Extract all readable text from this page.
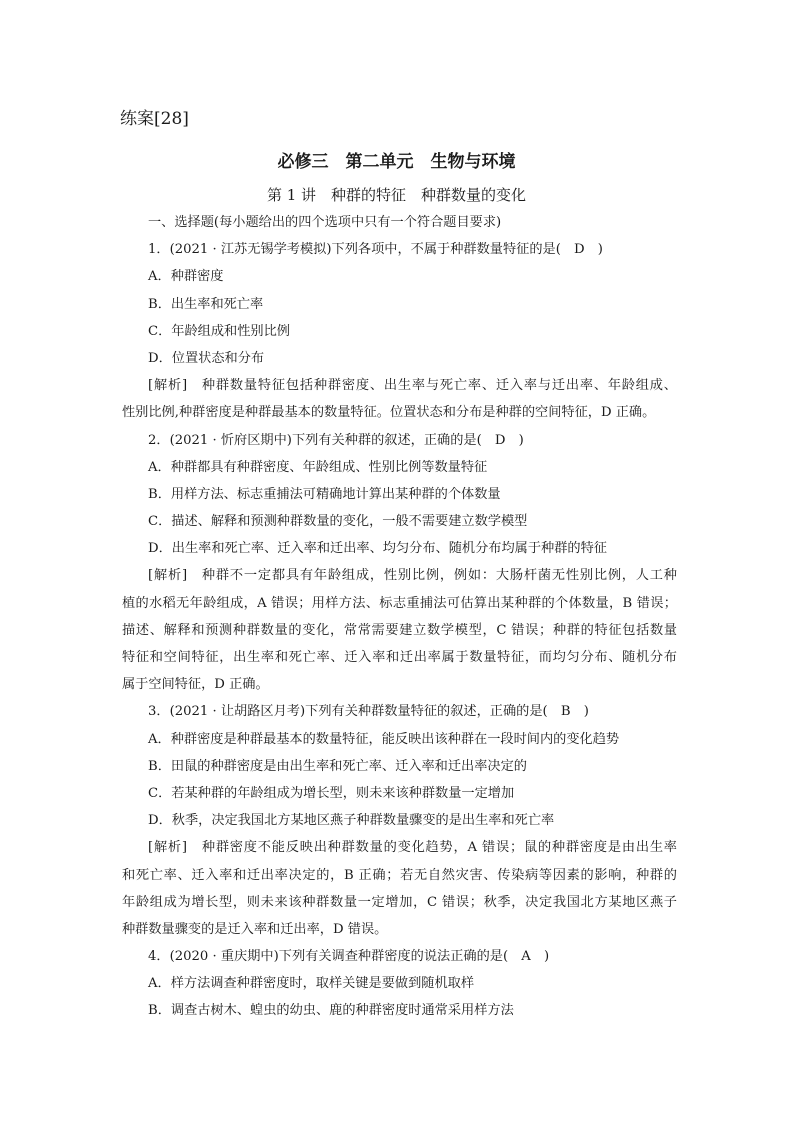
练案[28]
必修三　第二单元　生物与环境
第 1 讲　种群的特征　种群数量的变化
一、选择题(每小题给出的四个选项中只有一个符合题目要求)
1．(2021 · 江苏无锡学考模拟)下列各项中，不属于种群数量特征的是(　D　)
A．种群密度
B．出生率和死亡率
C．年龄组成和性别比例
D．位置状态和分布
[解析]　种群数量特征包括种群密度、出生率与死亡率、迁入率与迁出率、年龄组成、
性别比例,种群密度是种群最基本的数量特征。位置状态和分布是种群的空间特征，D 正确。
2．(2021 · 忻府区期中)下列有关种群的叙述，正确的是(　D　)
A．种群都具有种群密度、年龄组成、性别比例等数量特征
B．用样方法、标志重捕法可精确地计算出某种群的个体数量
C．描述、解释和预测种群数量的变化，一般不需要建立数学模型
D．出生率和死亡率、迁入率和迁出率、均匀分布、随机分布均属于种群的特征
[解析]　种群不一定都具有年龄组成，性别比例，例如：大肠杆菌无性别比例，人工种
植的水稻无年龄组成，A 错误；用样方法、标志重捕法可估算出某种群的个体数量，B 错误；
描述、解释和预测种群数量的变化，常常需要建立数学模型，C 错误；种群的特征包括数量
特征和空间特征，出生率和死亡率、迁入率和迁出率属于数量特征，而均匀分布、随机分布
属于空间特征，D 正确。
3．(2021 · 让胡路区月考)下列有关种群数量特征的叙述，正确的是(　B　)
A．种群密度是种群最基本的数量特征，能反映出该种群在一段时间内的变化趋势
B．田鼠的种群密度是由出生率和死亡率、迁入率和迁出率决定的
C．若某种群的年龄组成为增长型，则未来该种群数量一定增加
D．秋季，决定我国北方某地区燕子种群数量骤变的是出生率和死亡率
[解析]　种群密度不能反映出种群数量的变化趋势，A 错误；鼠的种群密度是由出生率
和死亡率、迁入率和迁出率决定的，B 正确；若无自然灾害、传染病等因素的影响，种群的
年龄组成为增长型，则未来该种群数量一定增加，C 错误；秋季，决定我国北方某地区燕子
种群数量骤变的是迁入率和迁出率，D 错误。
4．(2020 · 重庆期中)下列有关调查种群密度的说法正确的是(　A　)
A．样方法调查种群密度时，取样关键是要做到随机取样
B．调查古树木、蝗虫的幼虫、鹿的种群密度时通常采用样方法
